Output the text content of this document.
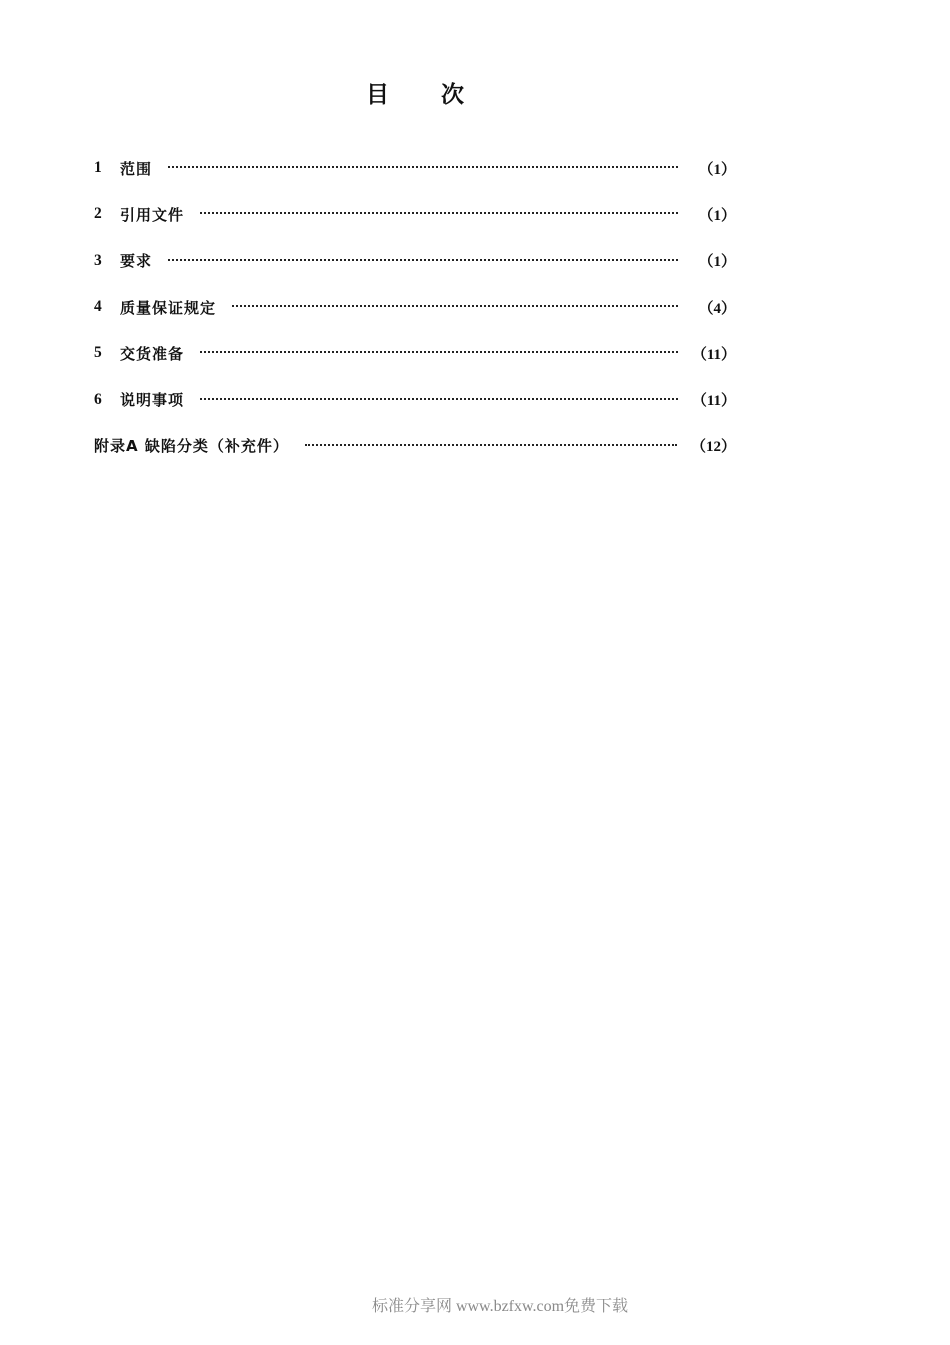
目 次
1	范围	（1）
2	引用文件	（1）
3	要求	（1）
4	质量保证规定	（4）
5	交货准备	（11）
6	说明事项	（11）
附录A 缺陷分类（补充件）	（12）
标准分享网 www.bzfxw.com免费下载
